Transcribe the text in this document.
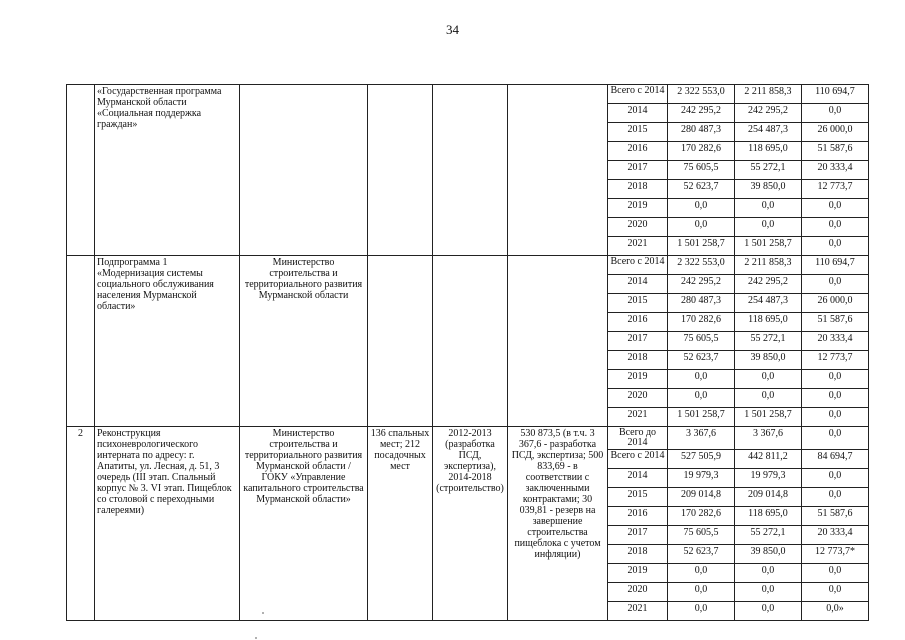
34
	«Государственная программа Мурманской области «Социальная поддержка граждан»					Всего с 2014	2 322 553,0	2 211 858,3	110 694,7
						2014	242 295,2	242 295,2	0,0
						2015	280 487,3	254 487,3	26 000,0
						2016	170 282,6	118 695,0	51 587,6
						2017	75 605,5	55 272,1	20 333,4
						2018	52 623,7	39 850,0	12 773,7
						2019	0,0	0,0	0,0
						2020	0,0	0,0	0,0
						2021	1 501 258,7	1 501 258,7	0,0
	Подпрограмма 1 «Модернизация системы социального обслуживания населения Мурманской области»	Министерство строительства и территориального развития Мурманской области				Всего с 2014	2 322 553,0	2 211 858,3	110 694,7
						2014	242 295,2	242 295,2	0,0
						2015	280 487,3	254 487,3	26 000,0
						2016	170 282,6	118 695,0	51 587,6
						2017	75 605,5	55 272,1	20 333,4
						2018	52 623,7	39 850,0	12 773,7
						2019	0,0	0,0	0,0
						2020	0,0	0,0	0,0
						2021	1 501 258,7	1 501 258,7	0,0
2	Реконструкция психоневрологического интерната по адресу: г. Апатиты, ул. Лесная, д. 51, 3 очередь (III этап. Спальный корпус № 3. VI этап. Пищеблок со столовой с переходными галереями)	Министерство строительства и территориального развития Мурманской области / ГОКУ «Управление капитального строительства Мурманской области»	136 спальных мест; 212 посадочных мест	2012-2013 (разработка ПСД, экспертиза), 2014-2018 (строительство)	530 873,5 (в т.ч. 3 367,6 - разработка ПСД, экспертиза; 500 833,69 - в соответствии с заключенными контрактами; 30 039,81 - резерв на завершение строительства пищеблока с учетом инфляции)	Всего до 2014	3 367,6	3 367,6	0,0
						Всего с 2014	527 505,9	442 811,2	84 694,7
						2014	19 979,3	19 979,3	0,0
						2015	209 014,8	209 014,8	0,0
						2016	170 282,6	118 695,0	51 587,6
						2017	75 605,5	55 272,1	20 333,4
						2018	52 623,7	39 850,0	12 773,7*
						2019	0,0	0,0	0,0
						2020	0,0	0,0	0,0
						2021	0,0	0,0	0,0»
